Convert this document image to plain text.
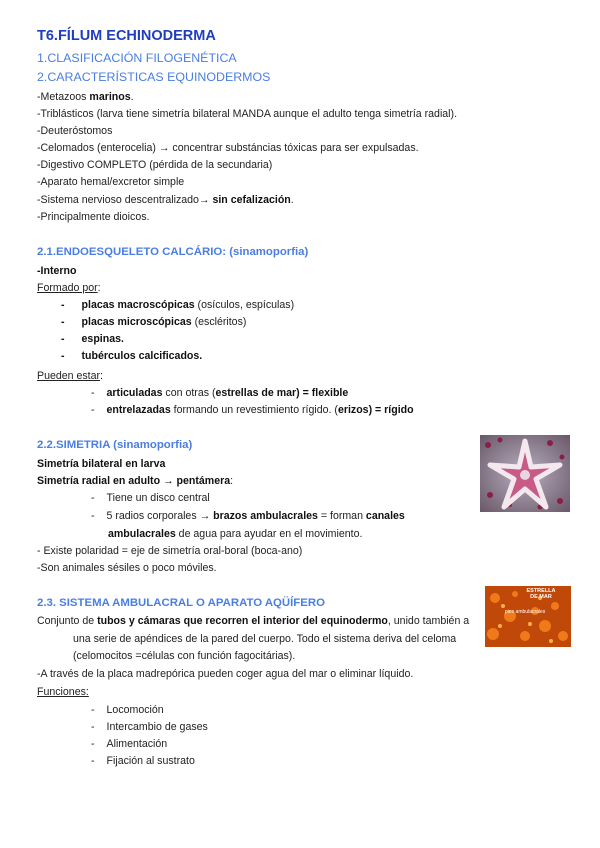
T6.FÍLUM ECHINODERMA
1.CLASIFICACIÓN FILOGENÉTICA
2.CARACTERÍSTICAS EQUINODERMOS
-Metazoos marinos.
-Triblásticos (larva tiene simetría bilateral MANDA aunque el adulto tenga simetría radial).
-Deuteróstomos
-Celomados (enterocelia) → concentrar substáncias tóxicas para ser expulsadas.
-Digestivo COMPLETO (pérdida de la secundaria)
-Aparato hemal/excretor simple
-Sistema nervioso descentralizado→ sin cefalización.
-Principalmente dioicos.
2.1.ENDOESQUELETO CALCÁRIO: (sinamoporfia)
-Interno
Formado por:
- placas macroscópicas (osículos, espículas)
- placas microscópicas (escléritos)
- espinas.
- tubérculos calcificados.
Pueden estar:
- articuladas con otras (estrellas de mar) = flexible
- entrelazadas formando un revestimiento rígido. (erizos) = rígido
2.2.SIMETRIA (sinamoporfia)
Simetría bilateral en larva
Simetría radial en adulto → pentámera:
- Tiene un disco central
- 5 radios corporales → brazos ambulacrales = forman canales
ambulacrales de agua para ayudar en el movimiento.
- Existe polaridad = eje de simetría oral-boral (boca-ano)
-Son animales sésiles o poco móviles.
2.3. SISTEMA AMBULACRAL O APARATO AQÜÍFERO
Conjunto de tubos y cámaras que recorren el interior del equinodermo, unido también a
una serie de apéndices de la pared del cuerpo. Todo el sistema deriva del celoma
(celomocitos =células con función fagocitárias).
-A través de la placa madrepórica pueden coger agua del mar o eliminar líquido.
Funciones:
- Locomoción
- Intercambio de gases
- Alimentación
- Fijación al sustrato
ESTRELLA
DE MAR
pies ambulacrales
